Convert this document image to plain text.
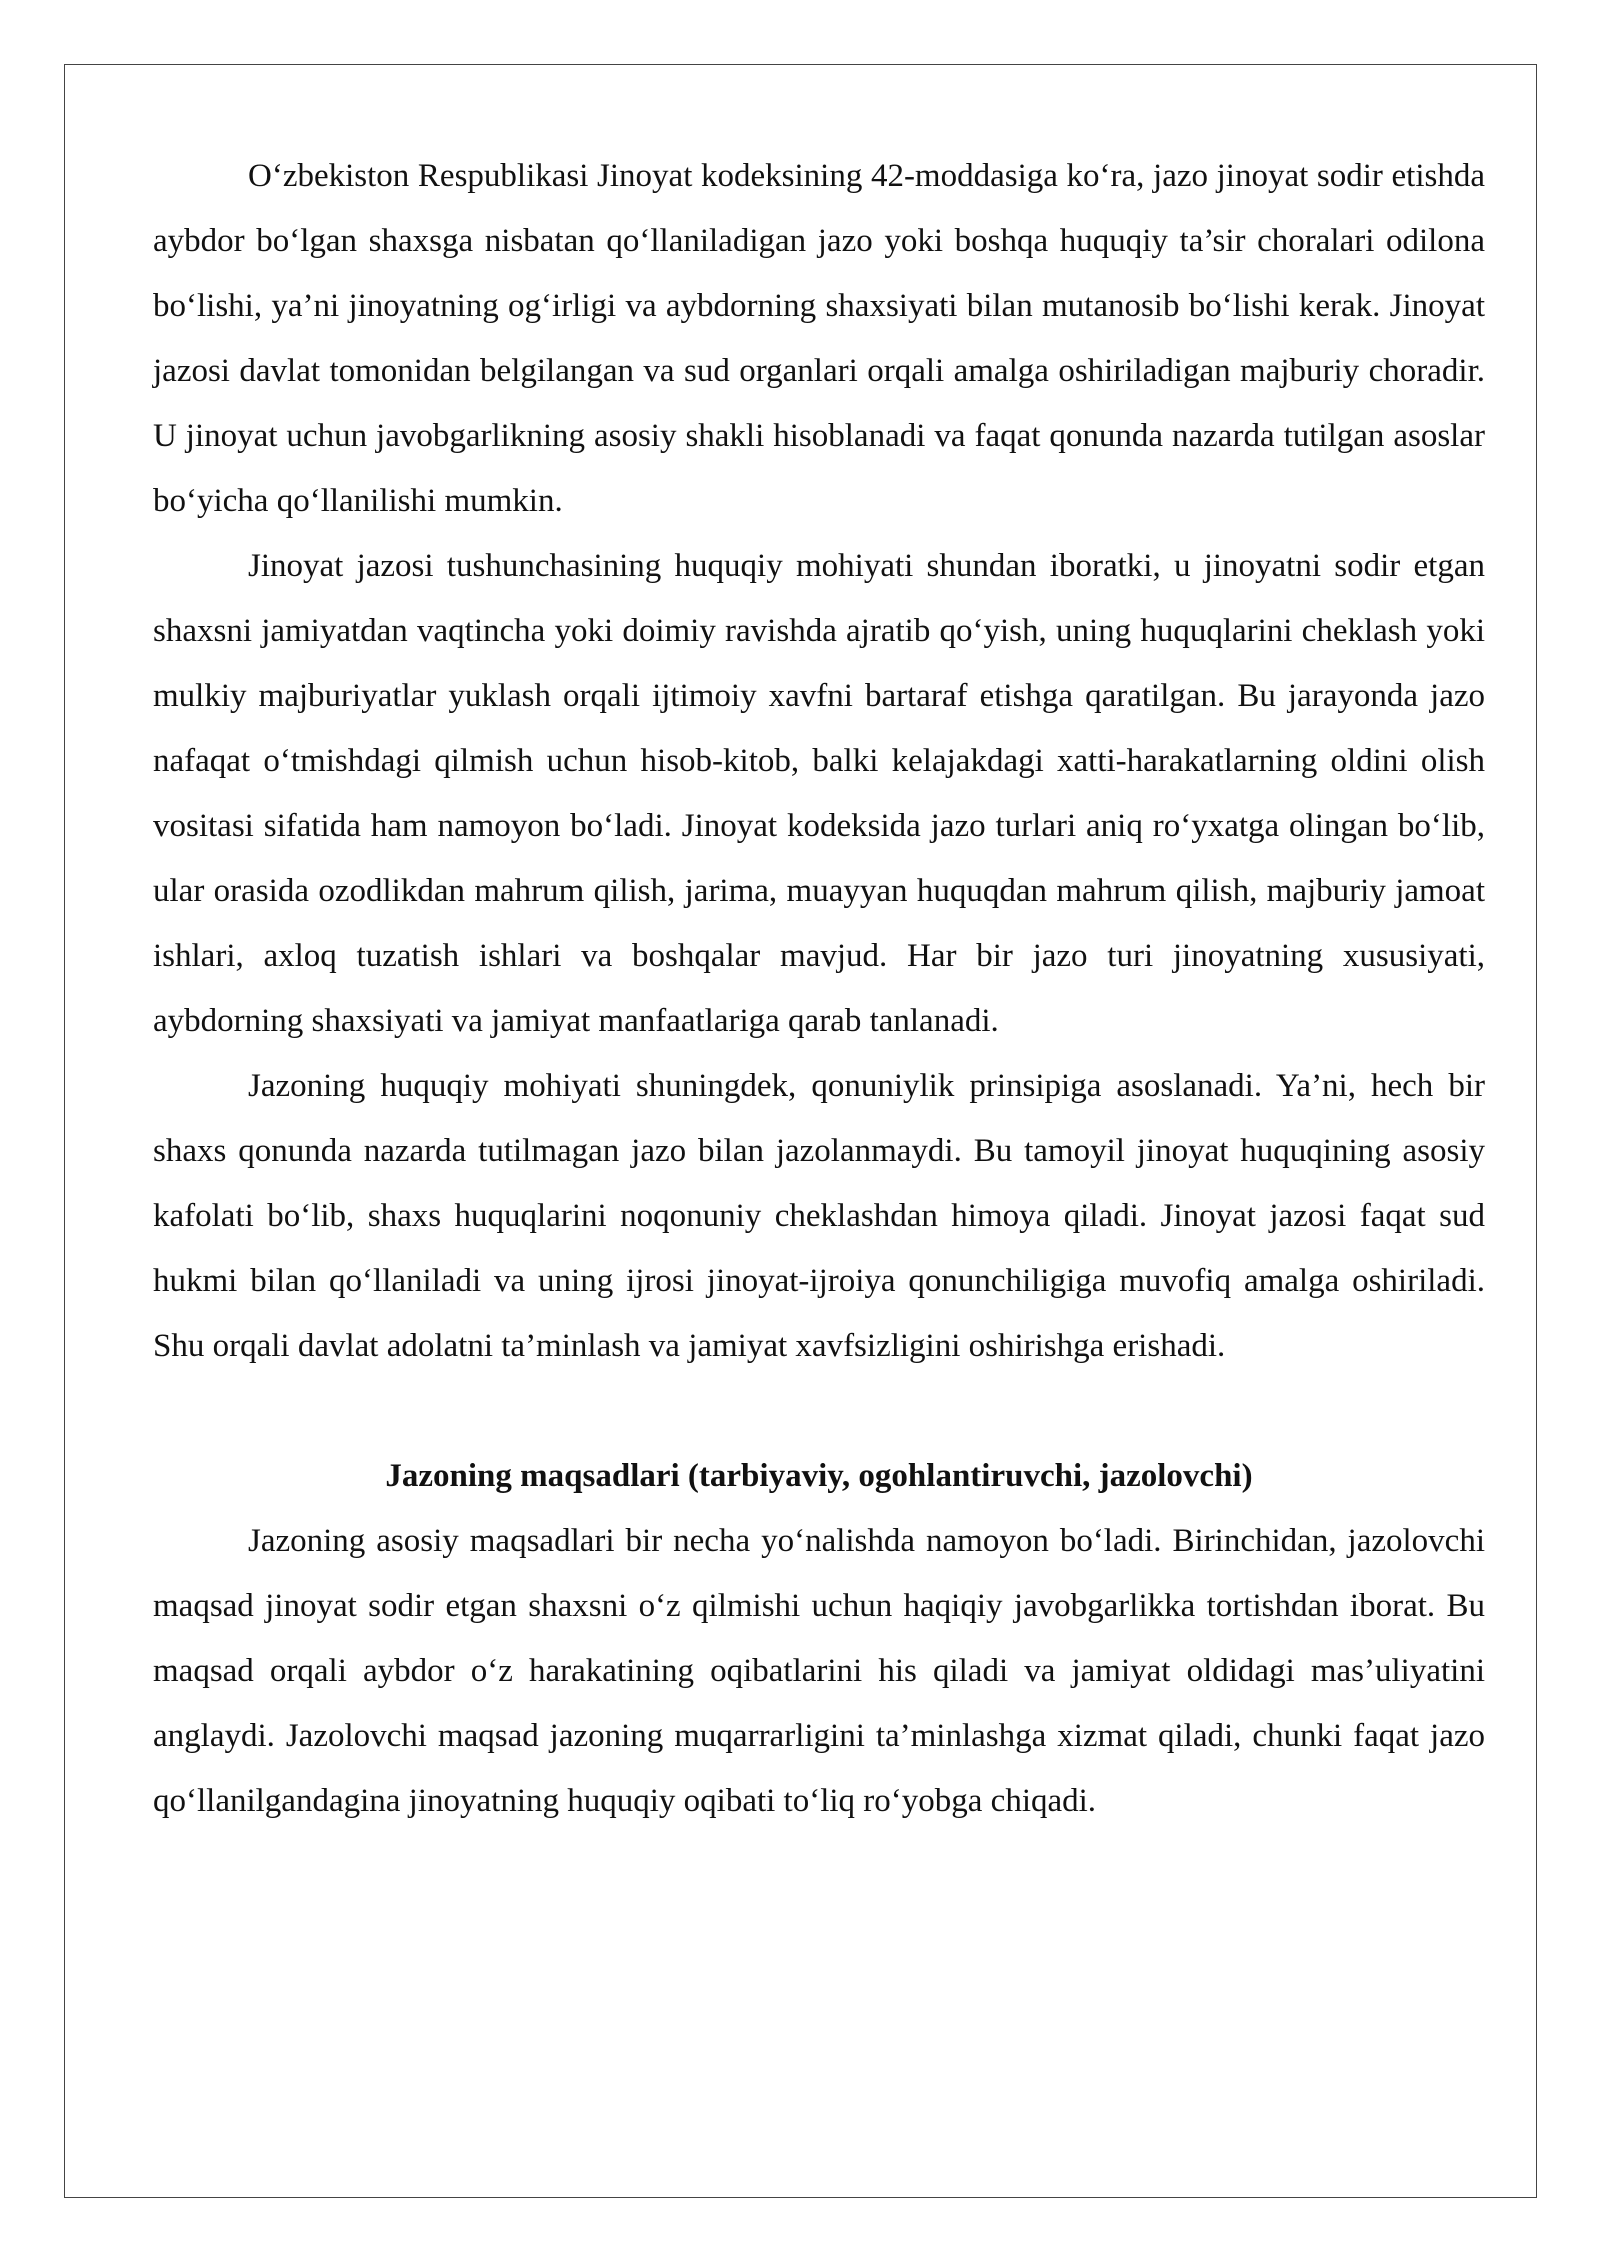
O‘zbekiston Respublikasi Jinoyat kodeksining 42-moddasiga ko‘ra, jazo jinoyat sodir etishda aybdor bo‘lgan shaxsga nisbatan qo‘llaniladigan jazo yoki boshqa huquqiy ta’sir choralari odilona bo‘lishi, ya’ni jinoyatning og‘irligi va aybdorning shaxsiyati bilan mutanosib bo‘lishi kerak. Jinoyat jazosi davlat tomonidan belgilangan va sud organlari orqali amalga oshiriladigan majburiy choradir. U jinoyat uchun javobgarlikning asosiy shakli hisoblanadi va faqat qonunda nazarda tutilgan asoslar bo‘yicha qo‘llanilishi mumkin.

Jinoyat jazosi tushunchasining huquqiy mohiyati shundan iboratki, u jinoyatni sodir etgan shaxsni jamiyatdan vaqtincha yoki doimiy ravishda ajratib qo‘yish, uning huquqlarini cheklash yoki mulkiy majburiyatlar yuklash orqali ijtimoiy xavfni bartaraf etishga qaratilgan. Bu jarayonda jazo nafaqat o‘tmishdagi qilmish uchun hisob-kitob, balki kelajakdagi xatti-harakatlarning oldini olish vositasi sifatida ham namoyon bo‘ladi. Jinoyat kodeksida jazo turlari aniq ro‘yxatga olingan bo‘lib, ular orasida ozodlikdan mahrum qilish, jarima, muayyan huquqdan mahrum qilish, majburiy jamoat ishlari, axloq tuzatish ishlari va boshqalar mavjud. Har bir jazo turi jinoyatning xususiyati, aybdorning shaxsiyati va jamiyat manfaatlariga qarab tanlanadi.

Jazoning huquqiy mohiyati shuningdek, qonuniylik prinsipiga asoslanadi. Ya’ni, hech bir shaxs qonunda nazarda tutilmagan jazo bilan jazolanmaydi. Bu tamoyil jinoyat huquqining asosiy kafolati bo‘lib, shaxs huquqlarini noqonuniy cheklashdan himoya qiladi. Jinoyat jazosi faqat sud hukmi bilan qo‘llaniladi va uning ijrosi jinoyat-ijroiya qonunchiligiga muvofiq amalga oshiriladi. Shu orqali davlat adolatni ta’minlash va jamiyat xavfsizligini oshirishga erishadi.

Jazoning maqsadlari (tarbiyaviy, ogohlantiruvchi, jazolovchi)

Jazoning asosiy maqsadlari bir necha yo‘nalishda namoyon bo‘ladi. Birinchidan, jazolovchi maqsad jinoyat sodir etgan shaxsni o‘z qilmishi uchun haqiqiy javobgarlikka tortishdan iborat. Bu maqsad orqali aybdor o‘z harakatining oqibatlarini his qiladi va jamiyat oldidagi mas’uliyatini anglaydi. Jazolovchi maqsad jazoning muqarrarligini ta’minlashga xizmat qiladi, chunki faqat jazo qo‘llanilgandagina jinoyatning huquqiy oqibati to‘liq ro‘yobga chiqadi.
